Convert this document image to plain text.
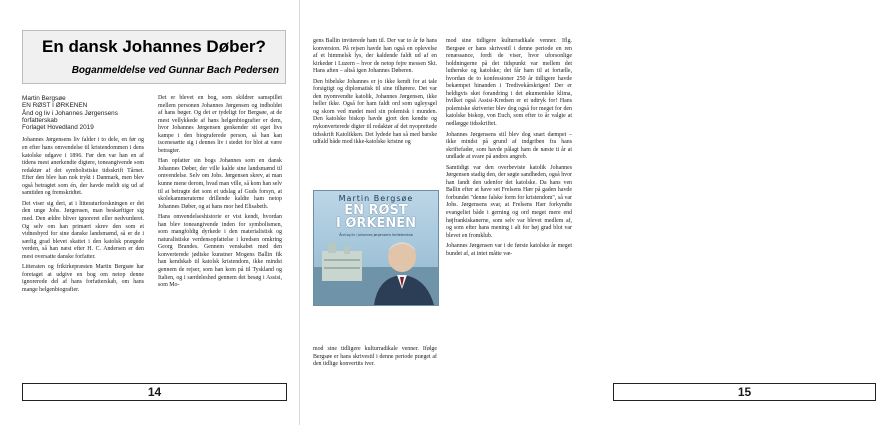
En dansk Johannes Døber?
Boganmeldelse ved Gunnar Bach Pedersen
Martin Bergsøe
EN RØST I ØRKENEN
Ånd og liv i Johannes Jørgensens
forfatterskab
Forlaget Hovedland 2019

Johannes Jørgensens liv falder i to dele, en før og en efter hans omvendelse til kristendommen i dens katolske udgave i 1896. Før den var han en af tidens mest anerkendte digtere, toneangivende som redaktør af det symbolistiske tidsskrift Tårnet. Efter den blev han nok trykt i Danmark, men blev også betragtet som én, der havde meldt sig ud af samtiden og fremskridtet.

Det viser sig deri, at i litteraturforskningen er det den unge Johs. Jørgensen, man beskæftiger sig med. Den ældre bliver ignoreret eller nedvurderet. Og selv om han primært skrev den som et vidnesbyrd for sine danske landsmænd, så er de i særlig grad blevet skattet i den katolsk prægede verden, så han næst efter H. C. Andersen er den mest oversatte danske forfatter.

Litteraten og frikirkepræsten Martin Bergsøe har foretaget at udgive en bog om netop denne ignorerede del af hans forfatterskab, om hans mange helgenbiografier.

Det er blevet en bog, som skildrer samspillet mellem personen Johannes Jørgensen og indholdet af hans bøger. Og det er tydeligt for Bergsøe, at de mest vellykkede af hans helgenbiografier er dem, hvor Johannes Jørgensen genkender sit eget livs kampe i den biograferede person, så han kan iscenesætte sig i dennes liv i stedet for blot at være betragter.

Han opfatter sin bogs Johannes som en dansk Johannes Døber, der ville kalde sine landsmænd til omvendelse. Selv om Johs. Jørgensen skrev, at man kunne mene derom, hvad man ville, så kom han selv til at betragte det som et udslag af Guds forsyn, at skolekammeraterne drillende kaldte ham netop Johannes Døber, og at hans mor hed Elisabeth.

Hans omvendelseshistorie er vist kendt, hvordan han blev toneangivende inden for symbolismen, som mangfoldig dyrkede i den materialistisk og naturalistiske verdensopfattelse i kredsen omkring Georg Brandes. Gennem venskabet med den konverterede jødiske kunstner Mogens Ballin fik han kendskab til katolsk kristendom, ikke mindst gennem de rejser, som han kom på til Tyskland og Italien, og i særdeleshed gennem det besøg i Assisi, som Mo-

14	15

gens Ballin inviterede ham til. Der var to år fø hans konversion. På rejsen havde han også en oplevelse af et himmelsk lys, der kaldende faldt ud af en kirkedør i Luzern – hvor de netop fejre messen Skt. Hans aften – altså igen Johannes Døberen.

Den bibelske Johannes er jo ikke kendt for at tale forsigtigt og diplomatisk til sine tilhørere. Det var den nyomvendte katolik, Johannes Jørgensen, ikke heller ikke. Også for ham faldt ord som ugleysgel og skorn ved mødet med sin polemisk i munden. Den katolske biskop havde gjort den kendte og nykonverterede digter til redaktør af det nyoprettede tidsskrift Katolikken. Det lydede han så med barske udfald både mod ikke-katolske kristne og

mod sine tidligere kulturradikale venner. Ifølge Bergsøe er hans skrivestil i denne periode præget af den tidlige konvertits iver.

Martin Bergsøe
EN RØST
I ØRKENEN
Ånd og liv i Johannes Jørgensens forfatterskab

mod sine tidligere kulturradikale venner. Iflg. Bergsøe er hans skrivestil i denne periode en ren renæssance, fordi de viser, hvor uforsonlige holdningerne på det tidspunkt var mellem det lutherske og katolske; det får ham til at fortælle, hvordan de to konfessioner 250 år tidligere havde bekæmpet hinanden i Tredivekårskrigen! Der er heldigvis sket forandring i det økumeniske klima, hvilket også Assisi-Kredsen er et udtryk for! Hans polemiske skriverier blev dog også for meget for den katolske biskop, von Euch, som efter to år valgte at nedlægge tidsskriftet.

Johannes Jørgensens stil blev dog snart dæmpet – ikke mindst på grund af indgriben fra hans skriftefader, som havde pålagt ham de næste ti år at undlade at svare på andres angreb.

Samtidigt var den overbeviste katolik Johannes Jørgensen stadig den, der søgte sandheden, også hvor han fandt den udenfor det katolske. Da hans ven Ballin efter at have set Frelsens Hær på gaden havde forbundet "denne falske form for kristendom", så var Johs. Jørgensens svar, at Frelsens Hær forkyndte evangeliet både i gerning og ord meget mere end højfrankiskanerne, som selv var blevet medlem af, og som efter hans mening i alt for høj grad blot var blevet en fromklub.

Johannes Jørgensen var i de første katolske år meget bundet af, at intet måtte væ-
